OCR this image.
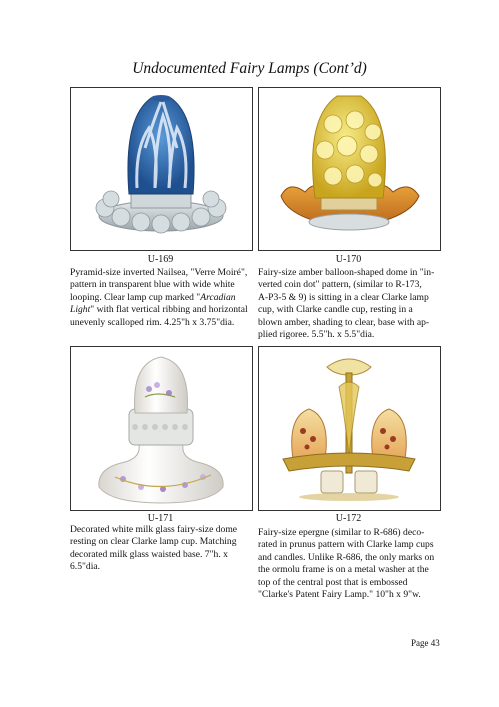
Undocumented Fairy Lamps (Cont’d)
U-169	U-170
U-171	U-172
Pyramid-size inverted Nailsea, "Verre Moiré",
pattern in transparent blue with wide white
looping. Clear lamp cup marked "Arcadian
Light" with flat vertical ribbing and horizontal
unevenly scalloped rim. 4.25"h x 3.75"dia.
Fairy-size amber balloon-shaped dome in "in-
verted coin dot" pattern, (similar to R-173,
A-P3-5 & 9) is sitting in a clear Clarke lamp
cup, with Clarke candle cup, resting in a
blown amber, shading to clear, base with ap-
plied rigoree. 5.5"h. x 5.5"dia.
Decorated white milk glass fairy-size dome
resting on clear Clarke lamp cup. Matching
decorated milk glass waisted base. 7"h. x
6.5"dia.
Fairy-size epergne (similar to R-686) deco-
rated in prunus pattern with Clarke lamp cups
and candles. Unlike R-686, the only marks on
the ormolu frame is on a metal washer at the
top of the central post that is embossed
"Clarke's Patent Fairy Lamp." 10"h x 9"w.
Page 43
